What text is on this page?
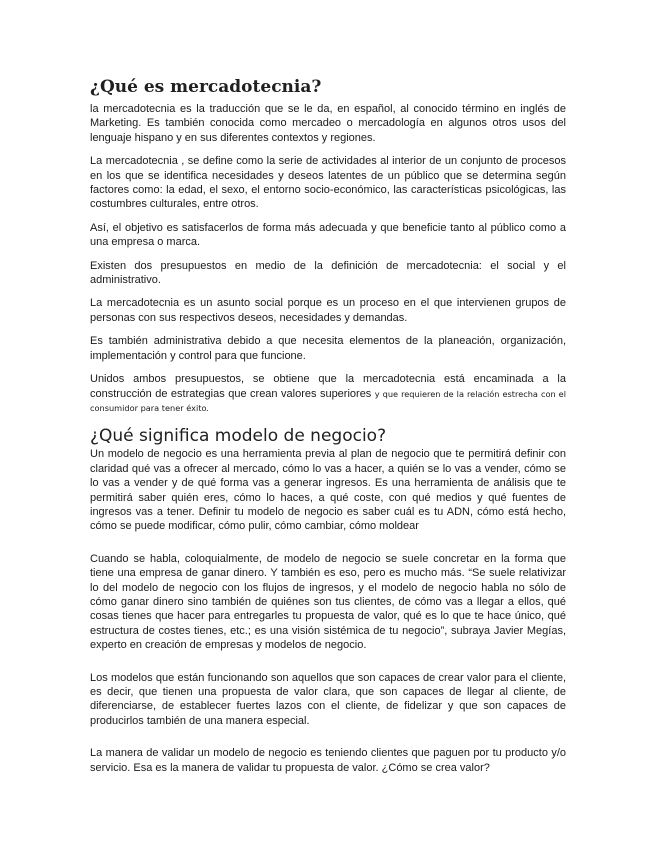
¿Qué es mercadotecnia?

la mercadotecnia es la traducción que se le da, en español, al conocido término en inglés de Marketing. Es también conocida como mercadeo o mercadología en algunos otros usos del lenguaje hispano y en sus diferentes contextos y regiones.

La mercadotecnia , se define como la serie de actividades al interior de un conjunto de procesos en los que se identifica necesidades y deseos latentes de un público que se determina según factores como: la edad, el sexo, el entorno socio-económico, las características psicológicas, las costumbres culturales, entre otros.

Así, el objetivo es satisfacerlos de forma más adecuada y que beneficie tanto al público como a una empresa o marca.

Existen dos presupuestos en medio de la definición de mercadotecnia: el social y el administrativo.

La mercadotecnia es un asunto social porque es un proceso en el que intervienen grupos de personas con sus respectivos deseos, necesidades y demandas.

Es también administrativa debido a que necesita elementos de la planeación, organización, implementación y control para que funcione.

Unidos ambos presupuestos, se obtiene que la mercadotecnia está encaminada a la construcción de estrategias que crean valores superiores y que requieren de la relación estrecha con el consumidor para tener éxito.

¿Qué significa modelo de negocio?

Un modelo de negocio es una herramienta previa al plan de negocio que te permitirá definir con claridad qué vas a ofrecer al mercado, cómo lo vas a hacer, a quién se lo vas a vender, cómo se lo vas a vender y de qué forma vas a generar ingresos. Es una herramienta de análisis que te permitirá saber quién eres, cómo lo haces, a qué coste, con qué medios y qué fuentes de ingresos vas a tener. Definir tu modelo de negocio es saber cuál es tu ADN, cómo está hecho, cómo se puede modificar, cómo pulir, cómo cambiar, cómo moldear

Cuando se habla, coloquialmente, de modelo de negocio se suele concretar en la forma que tiene una empresa de ganar dinero. Y también es eso, pero es mucho más. “Se suele relativizar lo del modelo de negocio con los flujos de ingresos, y el modelo de negocio habla no sólo de cómo ganar dinero sino también de quiénes son tus clientes, de cómo vas a llegar a ellos, qué cosas tienes que hacer para entregarles tu propuesta de valor, qué es lo que te hace único, qué estructura de costes tienes, etc.; es una visión sistémica de tu negocio”, subraya Javier Megías, experto en creación de empresas y modelos de negocio.

Los modelos que están funcionando son aquellos que son capaces de crear valor para el cliente, es decir, que tienen una propuesta de valor clara, que son capaces de llegar al cliente, de diferenciarse, de establecer fuertes lazos con el cliente, de fidelizar y que son capaces de producirlos también de una manera especial.

La manera de validar un modelo de negocio es teniendo clientes que paguen por tu producto y/o servicio. Esa es la manera de validar tu propuesta de valor. ¿Cómo se crea valor?
